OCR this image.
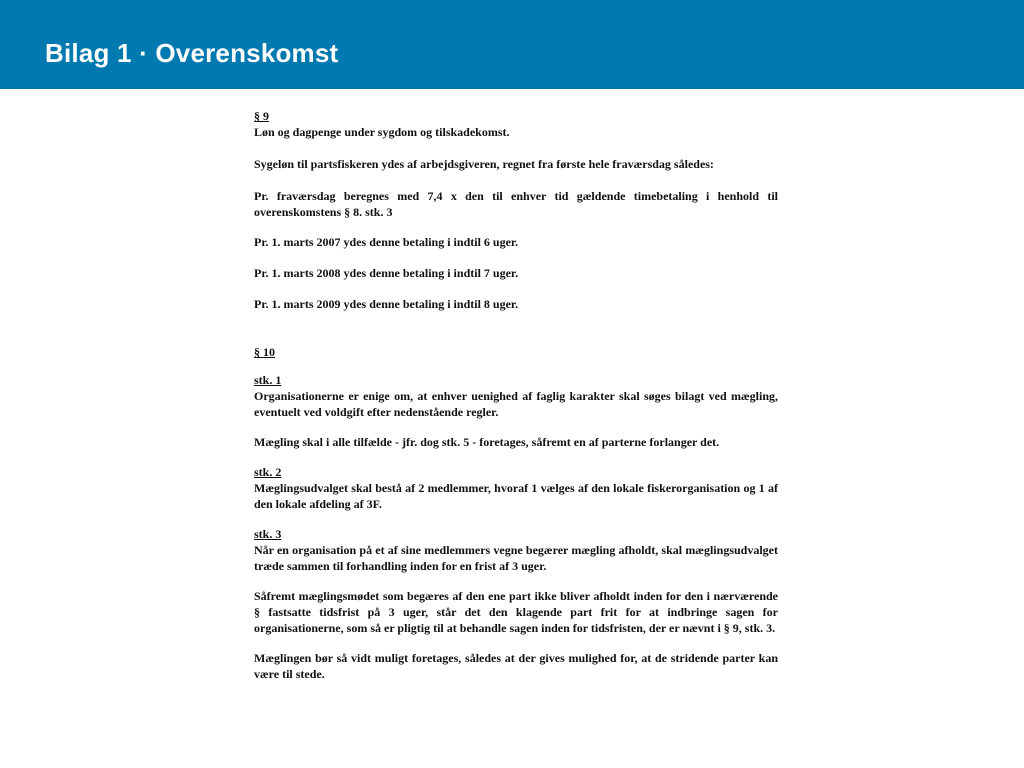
Bilag 1 · Overenskomst

§ 9

Løn og dagpenge under sygdom og tilskadekomst.

Sygeløn til partsfiskeren ydes af arbejdsgiveren, regnet fra første hele fraværsdag således:

Pr. fraværsdag beregnes med 7,4 x den til enhver tid gældende timebetaling i henhold til overenskomstens § 8. stk. 3

Pr. 1. marts 2007 ydes denne betaling i indtil 6 uger.

Pr. 1. marts 2008 ydes denne betaling i indtil 7 uger.

Pr. 1. marts 2009 ydes denne betaling i indtil 8 uger.

§ 10

stk. 1

Organisationerne er enige om, at enhver uenighed af faglig karakter skal søges bilagt ved mægling, eventuelt ved voldgift efter nedenstående regler.

Mægling skal i alle tilfælde - jfr. dog stk. 5 - foretages, såfremt en af parterne forlanger det.

stk. 2

Mæglingsudvalget skal bestå af 2 medlemmer, hvoraf 1 vælges af den lokale fiskerorganisation og 1 af den lokale afdeling af 3F.

stk. 3

Når en organisation på et af sine medlemmers vegne begærer mægling afholdt, skal mæglingsudvalget træde sammen til forhandling inden for en frist af 3 uger.

Såfremt mæglingsmødet som begæres af den ene part ikke bliver afholdt inden for den i nærværende § fastsatte tidsfrist på 3 uger, står det den klagende part frit for at indbringe sagen for organisationerne, som så er pligtig til at behandle sagen inden for tidsfristen, der er nævnt i § 9, stk. 3.

Mæglingen bør så vidt muligt foretages, således at der gives mulighed for, at de stridende parter kan være til stede.
